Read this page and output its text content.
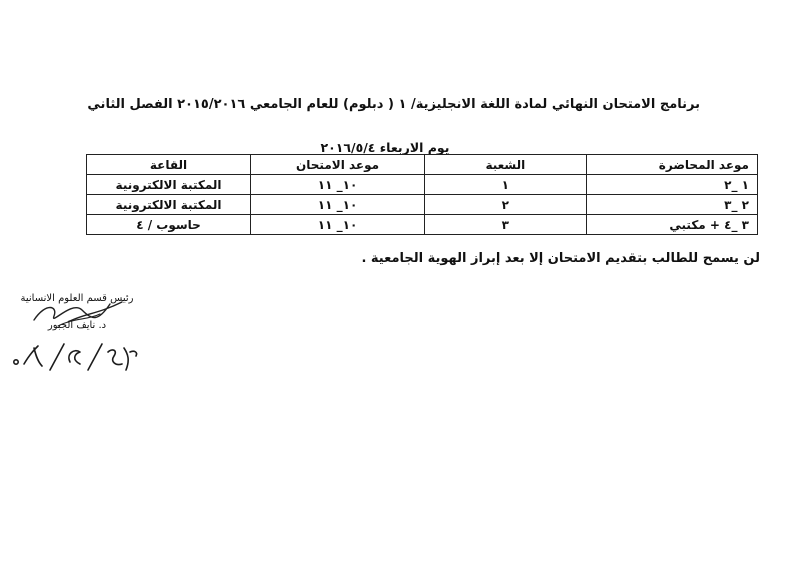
برنامج الامتحان النهائي لمادة اللغة الانجليزية/ ١ ( دبلوم) للعام الجامعي ٢٠١٥/٢٠١٦ الفصل الثاني
يوم الاربعاء ٢٠١٦/٥/٤
موعد المحاضرة	الشعبة	موعد الامتحان	القاعة
١ _٢	١	١٠_ ١١	المكتبة الالكترونية
٢ _٣	٢	١٠_ ١١	المكتبة الالكترونية
٣ _٤ + مكتبي	٣	١٠_ ١١	حاسوب / ٤
لن يسمح للطالب بتقديم الامتحان إلا بعد إبراز الهوية الجامعية .
رئيس قسم العلوم الانسانية
د. نايف الجبور
